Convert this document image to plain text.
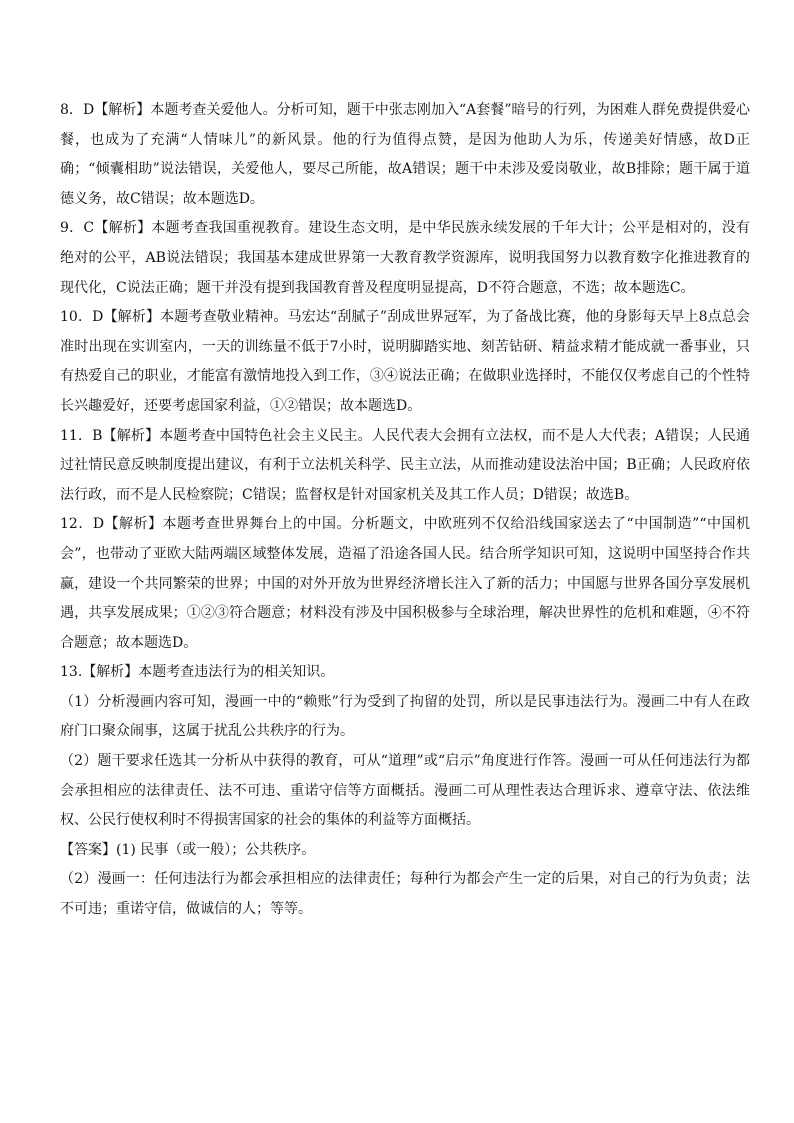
8．D【解析】本题考查关爱他人。分析可知，题干中张志刚加入“A套餐”暗号的行列，为困难人群免费提供爱心餐，也成为了充满“人情味儿”的新风景。他的行为值得点赞，是因为他助人为乐，传递美好情感，故D正确；“倾囊相助”说法错误，关爱他人，要尽己所能，故A错误；题干中未涉及爱岗敬业，故B排除；题干属于道德义务，故C错误；故本题选D。

9．C【解析】本题考查我国重视教育。建设生态文明，是中华民族永续发展的千年大计；公平是相对的，没有绝对的公平，AB说法错误；我国基本建成世界第一大教育教学资源库，说明我国努力以教育数字化推进教育的现代化，C说法正确；题干并没有提到我国教育普及程度明显提高，D不符合题意，不选；故本题选C。

10．D【解析】本题考查敬业精神。马宏达“刮腻子”刮成世界冠军，为了备战比赛，他的身影每天早上8点总会准时出现在实训室内，一天的训练量不低于7小时，说明脚踏实地、刻苦钻研、精益求精才能成就一番事业，只有热爱自己的职业，才能富有激情地投入到工作，③④说法正确；在做职业选择时，不能仅仅考虑自己的个性特长兴趣爱好，还要考虑国家利益，①②错误；故本题选D。

11．B【解析】本题考查中国特色社会主义民主。人民代表大会拥有立法权，而不是人大代表；A错误；人民通过社情民意反映制度提出建议，有利于立法机关科学、民主立法，从而推动建设法治中国；B正确；人民政府依法行政，而不是人民检察院；C错误；监督权是针对国家机关及其工作人员；D错误；故选B。

12．D【解析】本题考查世界舞台上的中国。分析题文，中欧班列不仅给沿线国家送去了“中国制造”“中国机会”，也带动了亚欧大陆两端区域整体发展，造福了沿途各国人民。结合所学知识可知，这说明中国坚持合作共赢，建设一个共同繁荣的世界；中国的对外开放为世界经济增长注入了新的活力；中国愿与世界各国分享发展机遇，共享发展成果；①②③符合题意；材料没有涉及中国积极参与全球治理，解决世界性的危机和难题，④不符合题意；故本题选D。

13.【解析】本题考查违法行为的相关知识。

（1）分析漫画内容可知，漫画一中的“赖账”行为受到了拘留的处罚，所以是民事违法行为。漫画二中有人在政府门口聚众闹事，这属于扰乱公共秩序的行为。

（2）题干要求任选其一分析从中获得的教育，可从“道理”或“启示”角度进行作答。漫画一可从任何违法行为都会承担相应的法律责任、法不可违、重诺守信等方面概括。漫画二可从理性表达合理诉求、遵章守法、依法维权、公民行使权利时不得损害国家的社会的集体的利益等方面概括。

【答案】(1) 民事（或一般）；公共秩序。

（2）漫画一：任何违法行为都会承担相应的法律责任；每种行为都会产生一定的后果，对自己的行为负责；法不可违；重诺守信，做诚信的人；等等。
